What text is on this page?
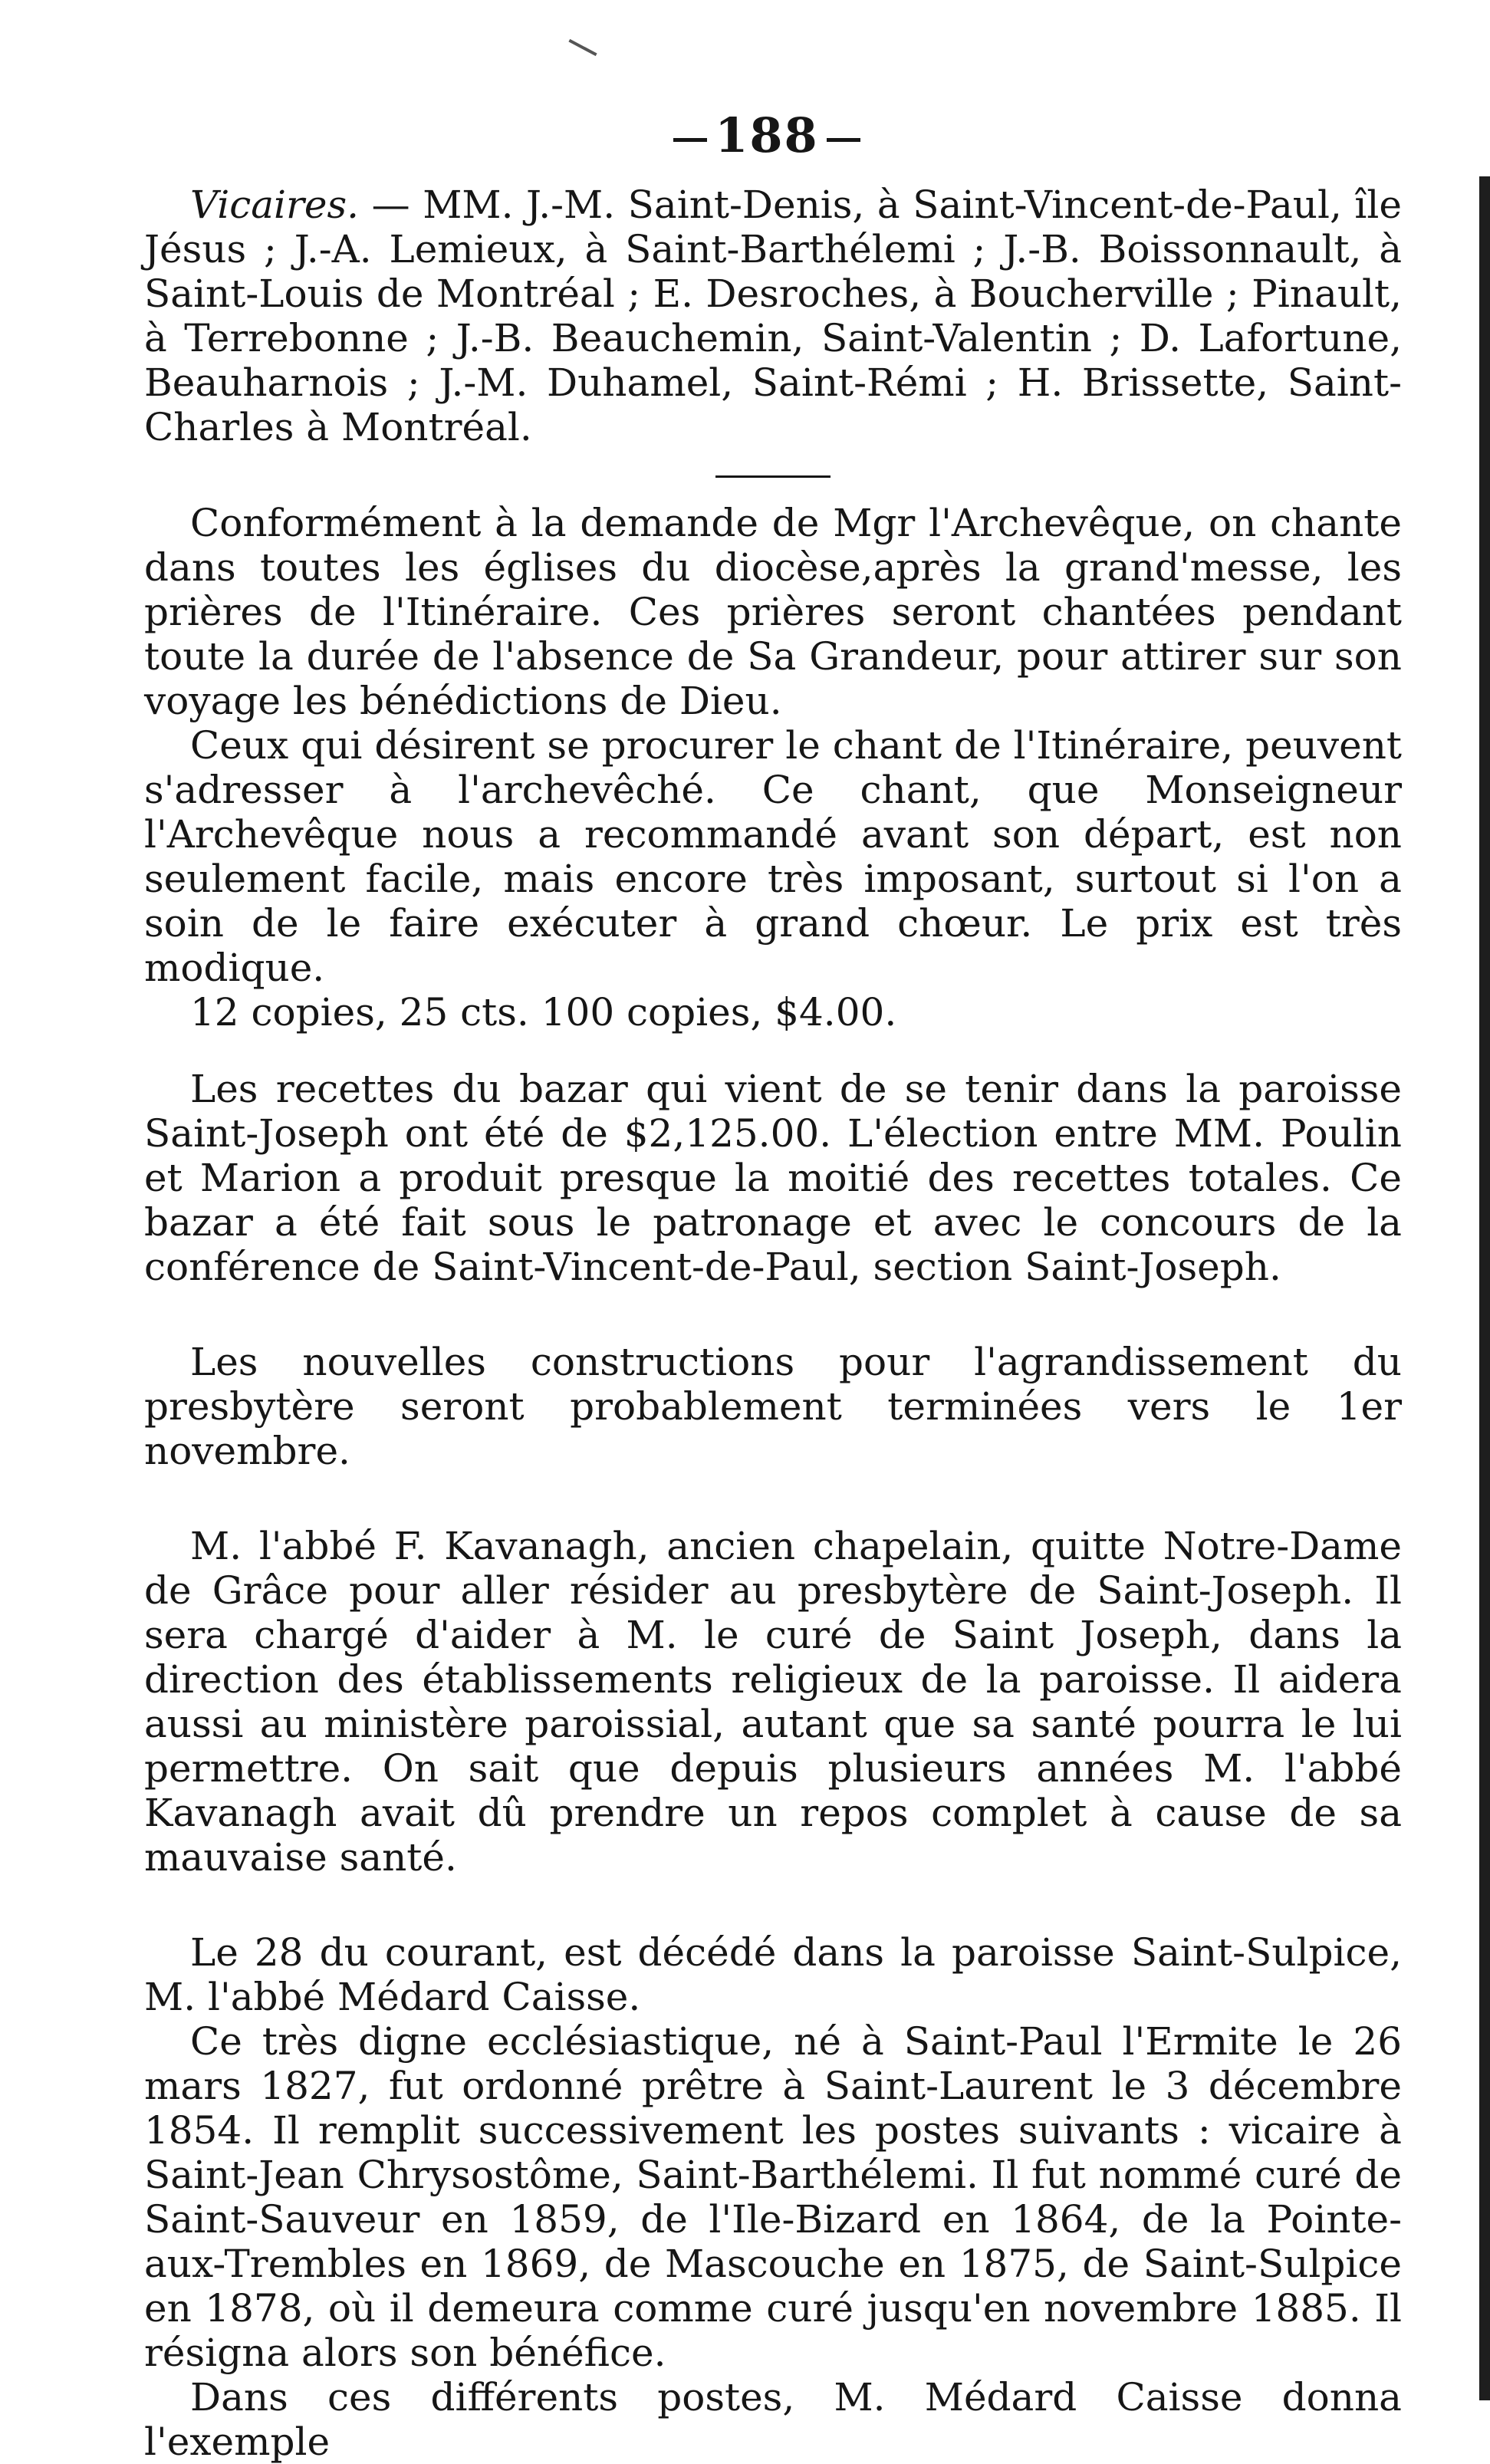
188

Vicaires. — MM. J.-M. Saint-Denis, à Saint-Vincent-de-Paul, île Jésus ; J.-A. Lemieux, à Saint-Barthélemi ; J.-B. Boissonnault, à Saint-Louis de Montréal ; E. Desroches, à Boucherville ; Pinault, à Terrebonne ; J.-B. Beauchemin, Saint-Valentin ; D. Lafortune, Beauharnois ; J.-M. Duhamel, Saint-Rémi ; H. Brissette, Saint-Charles à Montréal.

Conformément à la demande de Mgr l'Archevêque, on chante dans toutes les églises du diocèse,après la grand'messe, les prières de l'Itinéraire. Ces prières seront chantées pendant toute la durée de l'absence de Sa Grandeur, pour attirer sur son voyage les bénédictions de Dieu.

Ceux qui désirent se procurer le chant de l'Itinéraire, peuvent s'adresser à l'archevêché. Ce chant, que Monseigneur l'Archevêque nous a recommandé avant son départ, est non seulement facile, mais encore très imposant, surtout si l'on a soin de le faire exécuter à grand chœur. Le prix est très modique.

12 copies, 25 cts. 100 copies, $4.00.

Les recettes du bazar qui vient de se tenir dans la paroisse Saint-Joseph ont été de $2,125.00. L'élection entre MM. Poulin et Marion a produit presque la moitié des recettes totales. Ce bazar a été fait sous le patronage et avec le concours de la conférence de Saint-Vincent-de-Paul, section Saint-Joseph.

Les nouvelles constructions pour l'agrandissement du presbytère seront probablement terminées vers le 1er novembre.

M. l'abbé F. Kavanagh, ancien chapelain, quitte Notre-Dame de Grâce pour aller résider au presbytère de Saint-Joseph. Il sera chargé d'aider à M. le curé de Saint Joseph, dans la direction des établissements religieux de la paroisse. Il aidera aussi au ministère paroissial, autant que sa santé pourra le lui permettre. On sait que depuis plusieurs années M. l'abbé Kavanagh avait dû prendre un repos complet à cause de sa mauvaise santé.

Le 28 du courant, est décédé dans la paroisse Saint-Sulpice, M. l'abbé Médard Caisse.

Ce très digne ecclésiastique, né à Saint-Paul l'Ermite le 26 mars 1827, fut ordonné prêtre à Saint-Laurent le 3 décembre 1854. Il remplit successivement les postes suivants : vicaire à Saint-Jean Chrysostôme, Saint-Barthélemi. Il fut nommé curé de Saint-Sauveur en 1859, de l'Ile-Bizard en 1864, de la Pointe-aux-Trembles en 1869, de Mascouche en 1875, de Saint-Sulpice en 1878, où il demeura comme curé jusqu'en novembre 1885. Il résigna alors son bénéfice.

Dans ces différents postes, M. Médard Caisse donna l'exemple
